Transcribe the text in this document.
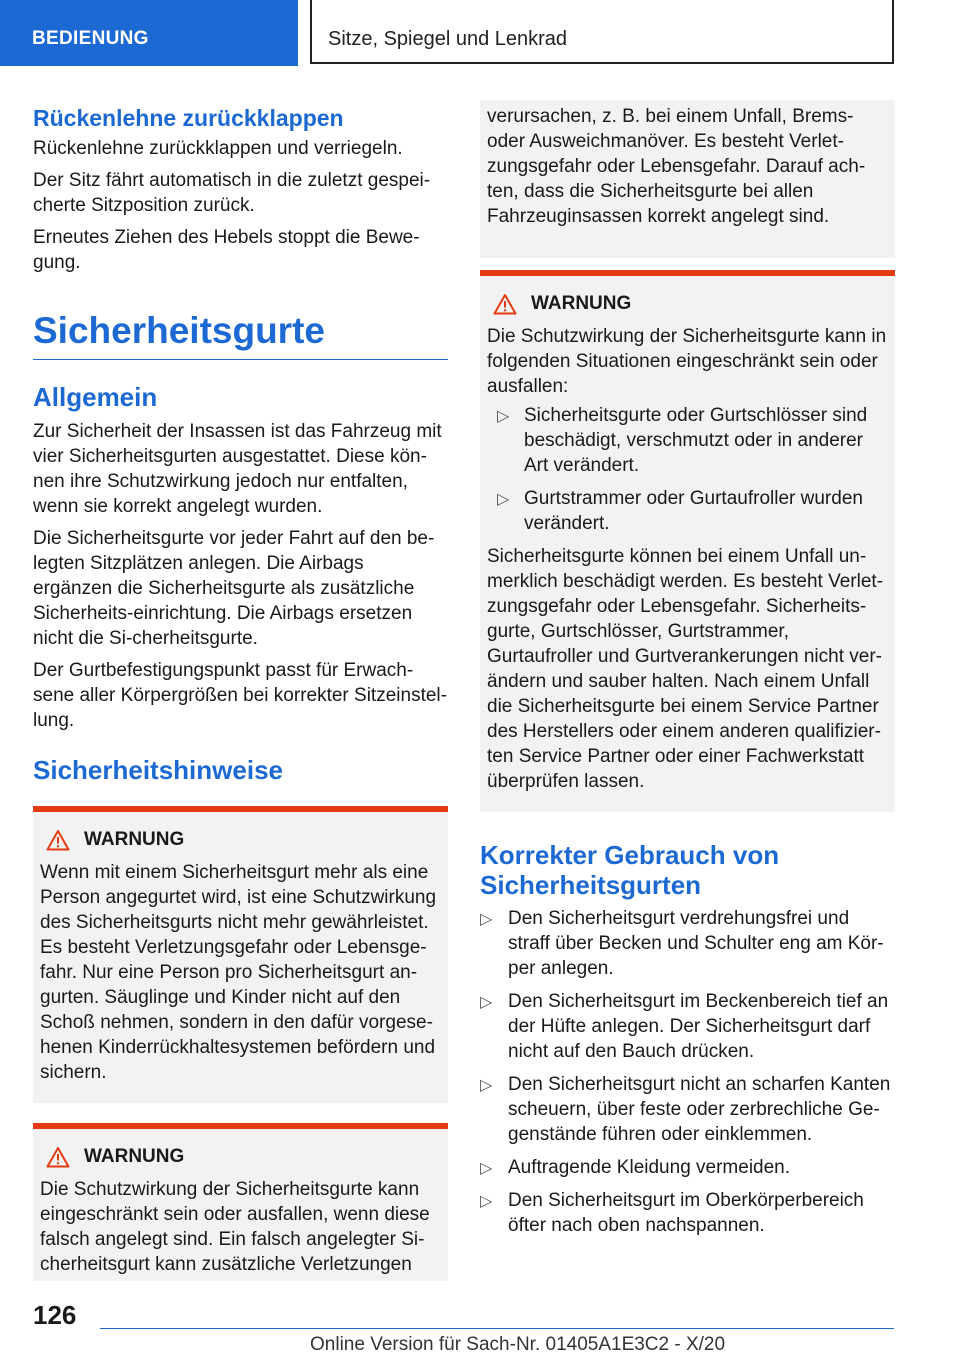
BEDIENUNG	Sitze, Spiegel und Lenkrad
Rückenlehne zurückklappen

Rückenlehne zurückklappen und verriegeln.

Der Sitz fährt automatisch in die zuletzt gespei-cherte Sitzposition zurück.

Erneutes Ziehen des Hebels stoppt die Bewe-gung.

Sicherheitsgurte
Allgemein

Zur Sicherheit der Insassen ist das Fahrzeug mit vier Sicherheitsgurten ausgestattet. Diese kön-nen ihre Schutzwirkung jedoch nur entfalten, wenn sie korrekt angelegt wurden.

Die Sicherheitsgurte vor jeder Fahrt auf den be-legten Sitzplätzen anlegen. Die Airbags ergänzen die Sicherheitsgurte als zusätzliche Sicherheits-einrichtung. Die Airbags ersetzen nicht die Si-cherheitsgurte.

Der Gurtbefestigungspunkt passt für Erwach-sene aller Körpergrößen bei korrekter Sitzeinstel-lung.

Sicherheitshinweise
WARNUNG

Wenn mit einem Sicherheitsgurt mehr als eine Person angegurtet wird, ist eine Schutzwirkung des Sicherheitsgurts nicht mehr gewährleistet. Es besteht Verletzungsgefahr oder Lebensge-fahr. Nur eine Person pro Sicherheitsgurt an-gurten. Säuglinge und Kinder nicht auf den Schoß nehmen, sondern in den dafür vorgese-henen Kinderrückhaltesystemen befördern und sichern.

WARNUNG

Die Schutzwirkung der Sicherheitsgurte kann eingeschränkt sein oder ausfallen, wenn diese falsch angelegt sind. Ein falsch angelegter Si-cherheitsgurt kann zusätzliche Verletzungen

verursachen, z. B. bei einem Unfall, Brems- oder Ausweichmanöver. Es besteht Verlet-zungsgefahr oder Lebensgefahr. Darauf ach-ten, dass die Sicherheitsgurte bei allen Fahrzeuginsassen korrekt angelegt sind.

WARNUNG

Die Schutzwirkung der Sicherheitsgurte kann in folgenden Situationen eingeschränkt sein oder ausfallen:

▷ Sicherheitsgurte oder Gurtschlösser sind beschädigt, verschmutzt oder in anderer Art verändert.
▷ Gurtstrammer oder Gurtaufroller wurden verändert.

Sicherheitsgurte können bei einem Unfall un-merklich beschädigt werden. Es besteht Verlet-zungsgefahr oder Lebensgefahr. Sicherheits-gurte, Gurtschlösser, Gurtstrammer, Gurtaufroller und Gurtverankerungen nicht ver-ändern und sauber halten. Nach einem Unfall die Sicherheitsgurte bei einem Service Partner des Herstellers oder einem anderen qualifizier-ten Service Partner oder einer Fachwerkstatt überprüfen lassen.

Korrekter Gebrauch von Sicherheitsgurten
▷ Den Sicherheitsgurt verdrehungsfrei und straff über Becken und Schulter eng am Kör-per anlegen.
▷ Den Sicherheitsgurt im Beckenbereich tief an der Hüfte anlegen. Der Sicherheitsgurt darf nicht auf den Bauch drücken.
▷ Den Sicherheitsgurt nicht an scharfen Kanten scheuern, über feste oder zerbrechliche Ge-genstände führen oder einklemmen.
▷ Auftragende Kleidung vermeiden.
▷ Den Sicherheitsgurt im Oberkörperbereich öfter nach oben nachspannen.
126
Online Version für Sach-Nr. 01405A1E3C2 - X/20
